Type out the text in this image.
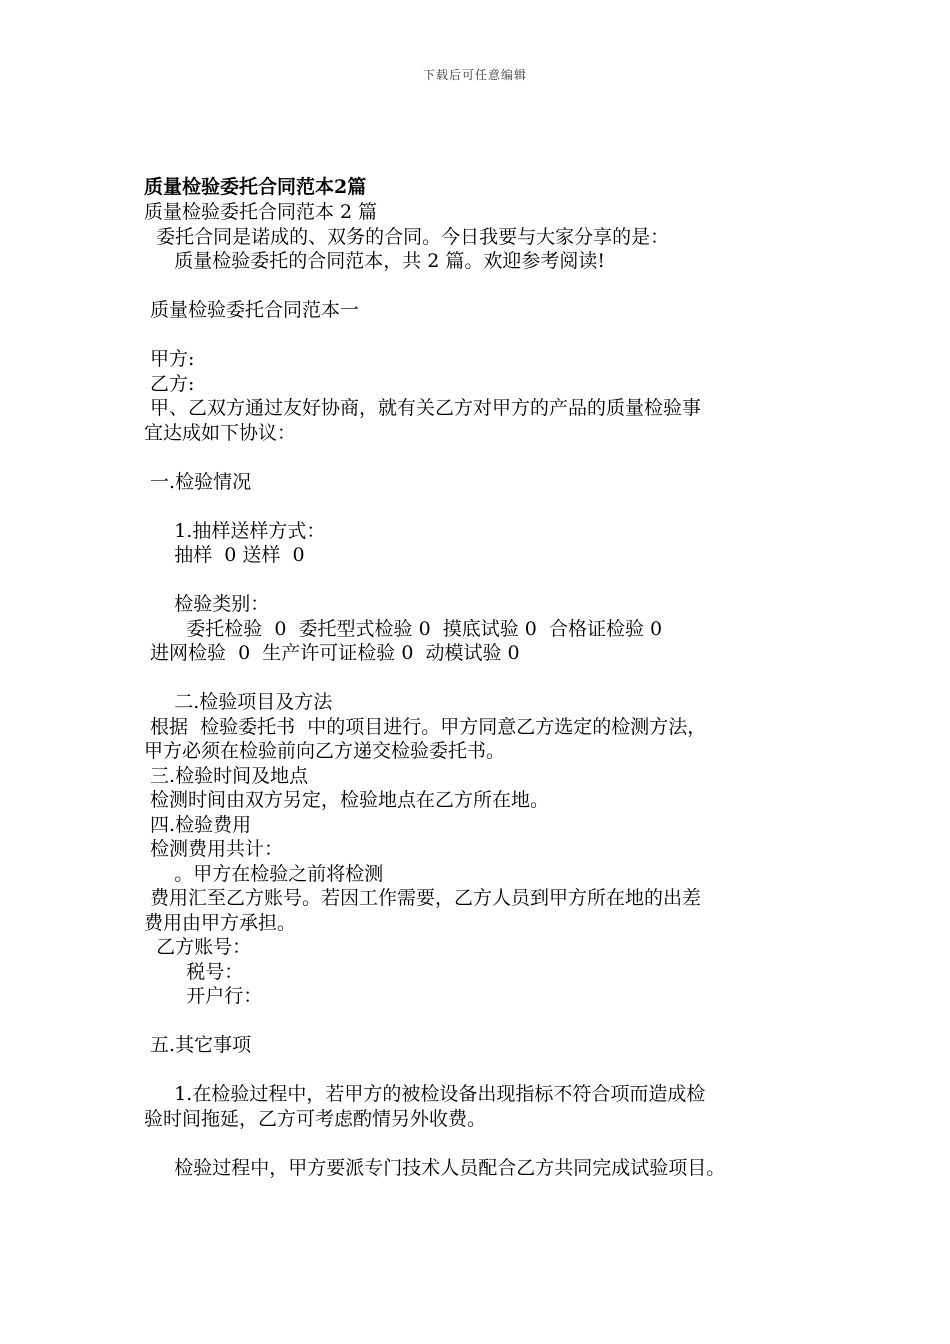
下载后可任意编辑
质量检验委托合同范本2篇
质量检验委托合同范本 2 篇
委托合同是诺成的、双务的合同。今日我要与大家分享的是：
质量检验委托的合同范本，共 2 篇。欢迎参考阅读!
质量检验委托合同范本一
甲方:
乙方:
甲、乙双方通过友好协商，就有关乙方对甲方的产品的质量检验事
宜达成如下协议：
一.检验情况
1.抽样送样方式：
抽样  0 送样  0
检验类别：
委托检验  0  委托型式检验 0  摸底试验 0  合格证检验 0
进网检验  0  生产许可证检验 0  动模试验 0
二.检验项目及方法
根据  检验委托书  中的项目进行。甲方同意乙方选定的检测方法，
甲方必须在检验前向乙方递交检验委托书。
三.检验时间及地点
检测时间由双方另定，检验地点在乙方所在地。
四.检验费用
检测费用共计：
。甲方在检验之前将检测
费用汇至乙方账号。若因工作需要，乙方人员到甲方所在地的出差
费用由甲方承担。
乙方账号：
税号：
开户行：
五.其它事项
1.在检验过程中，若甲方的被检设备出现指标不符合项而造成检
验时间拖延，乙方可考虑酌情另外收费。
检验过程中，甲方要派专门技术人员配合乙方共同完成试验项目。
